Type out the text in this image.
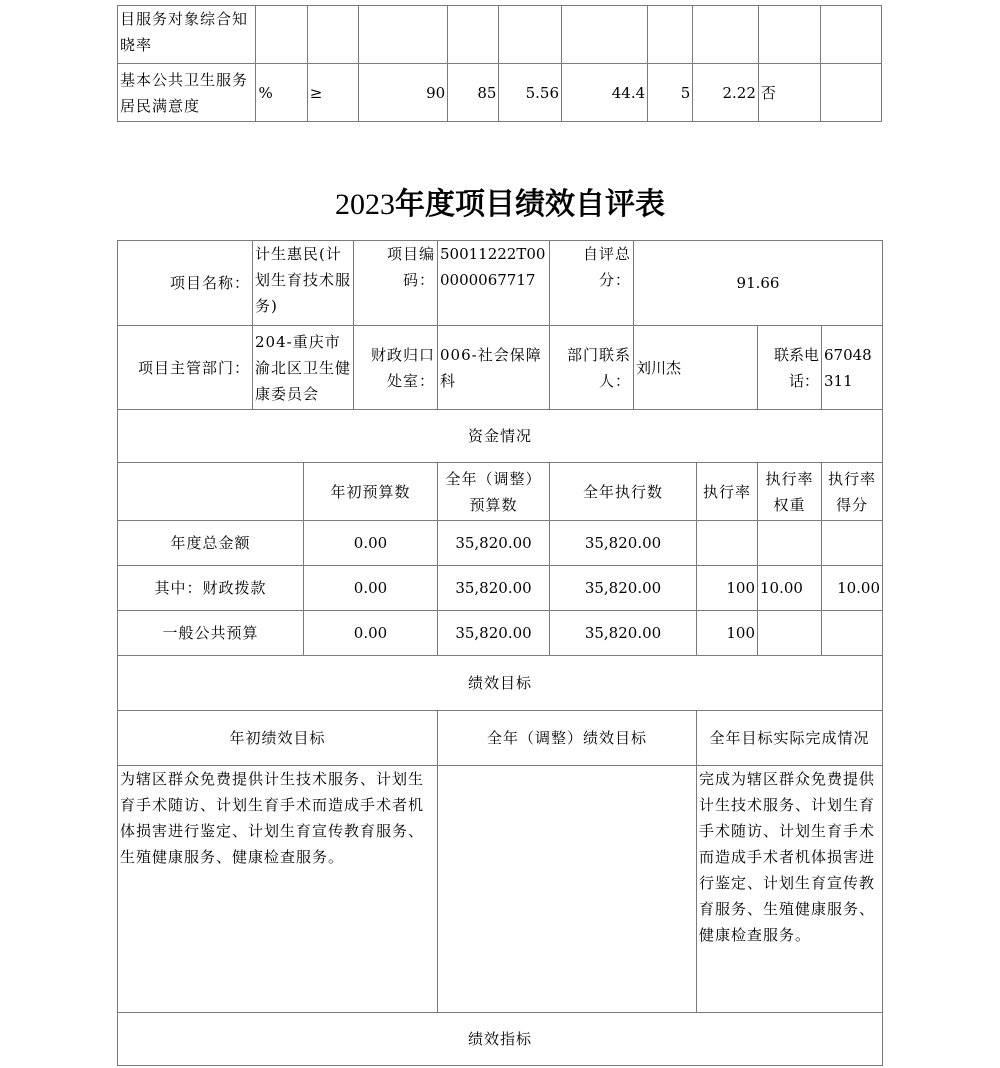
目服务对象综合知晓率										
基本公共卫生服务居民满意度	%	≥	90	85	5.56	44.4	5	2.22	否	
2023年度项目绩效自评表
项目名称：	计生惠民(计划生育技术服务)		项目编码：	50011222T000000067717	自评总分：	91.66			
项目主管部门：	204-重庆市渝北区卫生健康委员会		财政归口处室：	006-社会保障科	部门联系人：	刘川杰		联系电话：	67048311
资金情况									
		年初预算数		全年（调整）预算数	全年执行数		执行率	执行率权重	执行率得分
年度总金额		0.00		35,820.00	35,820.00				
其中：财政拨款		0.00		35,820.00	35,820.00		100	10.00	10.00
一般公共预算		0.00		35,820.00	35,820.00		100		
绩效目标									
年初绩效目标				全年（调整）绩效目标			全年目标实际完成情况		
为辖区群众免费提供计生技术服务、计划生育手术随访、计划生育手术而造成手术者机体损害进行鉴定、计划生育宣传教育服务、生殖健康服务、健康检查服务。							完成为辖区群众免费提供计生技术服务、计划生育手术随访、计划生育手术而造成手术者机体损害进行鉴定、计划生育宣传教育服务、生殖健康服务、健康检查服务。		
绩效指标									
